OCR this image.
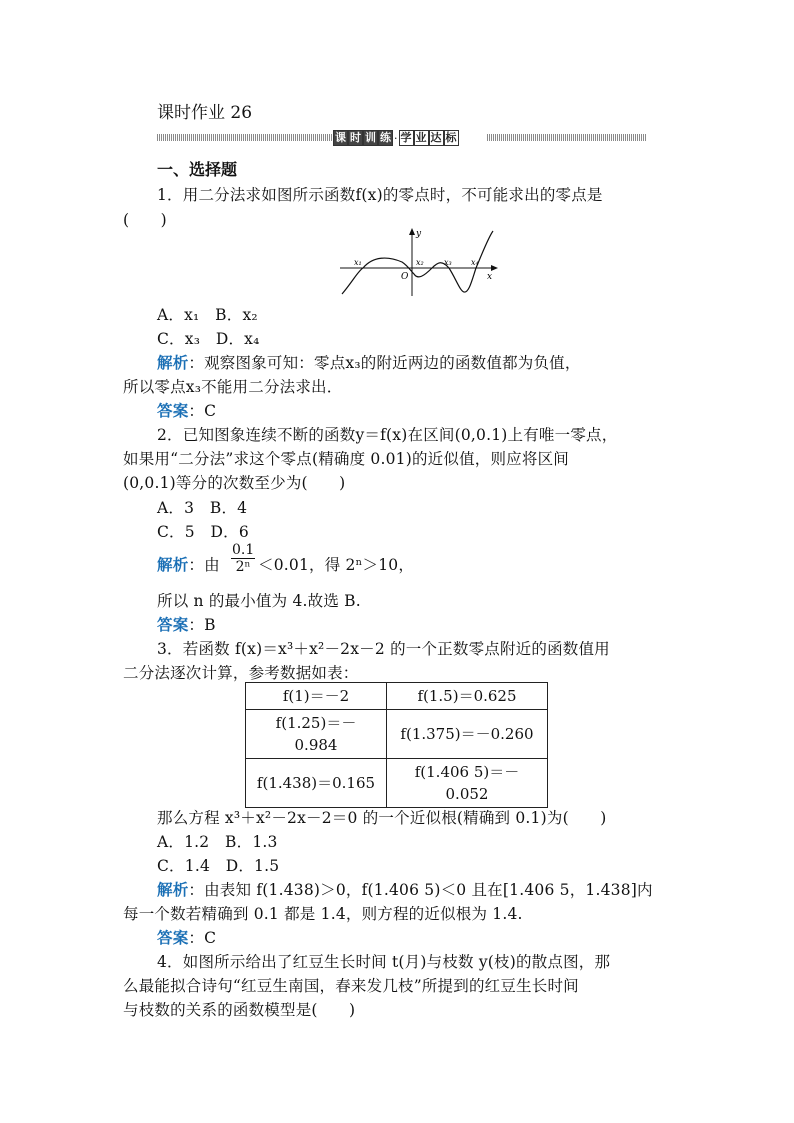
课时作业 26
课 时 训 练 · 学 业 达 标
一、选择题
1．用二分法求如图所示函数f(x)的零点时，不可能求出的零点是
(　　)
y
O	x
x₁	x₂	x₃ x₄
A．x₁　B．x₂
C．x₃　D．x₄
解析：观察图象可知：零点x₃的附近两边的函数值都为负值，
所以零点x₃不能用二分法求出．
答案：C
2．已知图象连续不断的函数y＝f(x)在区间(0,0.1)上有唯一零点，
如果用“二分法”求这个零点(精确度 0.01)的近似值，则应将区间
(0,0.1)等分的次数至少为(　　)
A．3　B．4
C．5　D．6
解析：由 $\frac{0.1}{\text{2ⁿ}} <0.01$，得 2ⁿ＞10，
所以 n 的最小值为 4.故选 B.
答案：B
3．若函数 f(x)＝x³＋x²－2x－2 的一个正数零点附近的函数值用
二分法逐次计算，参考数据如表：
f(1)＝－2	f(1.5)＝0.625
f(1.25)＝－
0.984	f(1.375)＝－0.260
f(1.438)＝0.165	f(1.406 5)＝－
0.052
那么方程 x³＋x²－2x－2＝0 的一个近似根(精确到 0.1)为(　　)
A．1.2　B．1.3
C．1.4　D．1.5
解析：由表知 f(1.438)＞0，f(1.406 5)＜0 且在[1.406 5，1.438]内
每一个数若精确到 0.1 都是 1.4，则方程的近似根为 1.4.
答案：C
4．如图所示给出了红豆生长时间 t(月)与枝数 y(枝)的散点图，那
么最能拟合诗句“红豆生南国，春来发几枝”所提到的红豆生长时间
与枝数的关系的函数模型是(　　)
